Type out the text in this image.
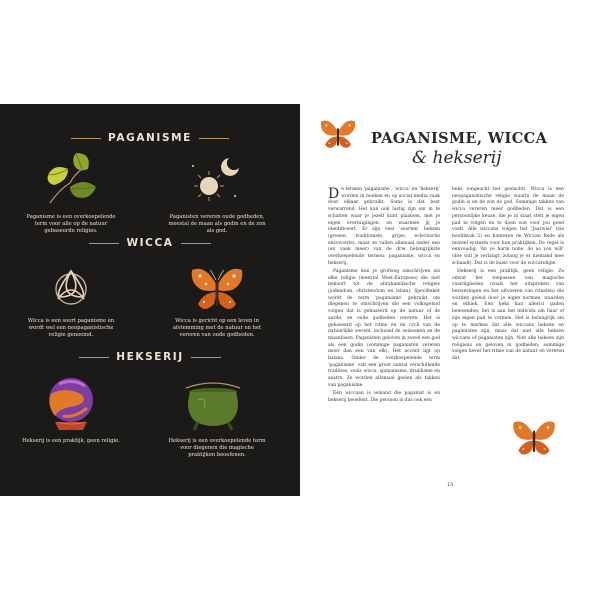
PAGANISME
Paganisme is een overkoepelende term voor alle op de natuur gebaseerde religies.
Paganisten vereren oude godheden, meestal de maan als godin en de zon als god.
WICCA
Wicca is een soort paganisme en wordt wel een neopaganistische religie genoemd.
Wicca is gericht op een leven in afstemming met de natuur en het vereren van oude godheden.
HEKSERIJ
Hekserij is een praktijk, geen religie.	Hekserij is een overkoepelende term voor diegenen die magische praktijken beoefenen.
PAGANISME, WICCA
& hekserij

De termen ‘paganisme’, ‘wicca’ en ‘hekserij’ worden in boeken en op social media vaak door elkaar gebruikt. Soms is dat best verwarrend. Het kan ook lastig zijn om in te schatten waar je jezelf kunt plaatsen, met je eigen overtuigingen, en waarmee jij je identificeert. Er zijn veel ‘soorten’ heksen (groene, traditionele, grijze, eclectische enzovoorts), maar ze vallen allemaal onder een (en vaak meer) van de drie belangrijkste overkoepelende termen: paganisme, wicca en hekserij.

Paganisme kun je grofweg omschrijven als elke religie (meestal West-Europees) die niet behoort tot de abrahamitische religies (jodendom, christendom en islam). Specifieker wordt de term ‘paganisme’ gebruikt om diegenen te omschrijven die een volksgeloof volgen dat is gebaseerd op de natuur of de aarde, en oude godheden vereren. Het is gebaseerd op het ritme en de cycli van de natuurlijke wereld, inclusief de seizoenen en de maanfasen. Paganisten geloven in zowel een god als een godin (sommige paganisten vereren meer dan een van elk). Het accent ligt op balans. Onder de overkoepelende term ‘paganisme’ valt een groot aantal verschillende tradities, zoals wicca, sjamanisme, druïdisme en asatru. Ze worden allemaal gezien als takken van paganisme.

Een wiccaan is iemand die paganist is en hekserij beoefent. Die persoon is dus ook een

heks (ongeacht het geslacht). Wicca is een neopaganistische religie waarin de maan de godin is en de zon de god. Sommige takken van wicca vereren meer godheden. Dat is een persoonlijke keuze, die je in staat stelt je eigen pad te volgen en te doen wat voor jou goed voelt. Alle wiccans volgen het ‘Jaarwiel’ (zie hoofdstuk 2) en hanteren de Wiccan Rede als moreel systeem voor hun praktijken. De regel is eenvoudig: ‘An ye harm none, do as you will’ (doe wat je verlangt, zolang je er niemand mee schaadt). Dat is de basis voor de wiccareligie.

Hekserij is een praktijk, geen religie. Ze omvat het toepassen van magische vaardigheden (zoals het uitspreken van bezweringen en het uitvoeren van rituelen) die worden geleid door je eigen normen, waarden en ethiek. Een heks kan alleríci gaden beweenden; het is aan het individu om haar of zijn eigen pad te vormen. Het is belangrijk om op te merken dat alle wiccans heksen en paganisten zijn, maar dat niet alle heksen wiccans of paganisten zijn. Niet alle heksen zijn religieus en geloven in godheden; sommige volgen liever het ritme van de natuur en vereren dat.

15
